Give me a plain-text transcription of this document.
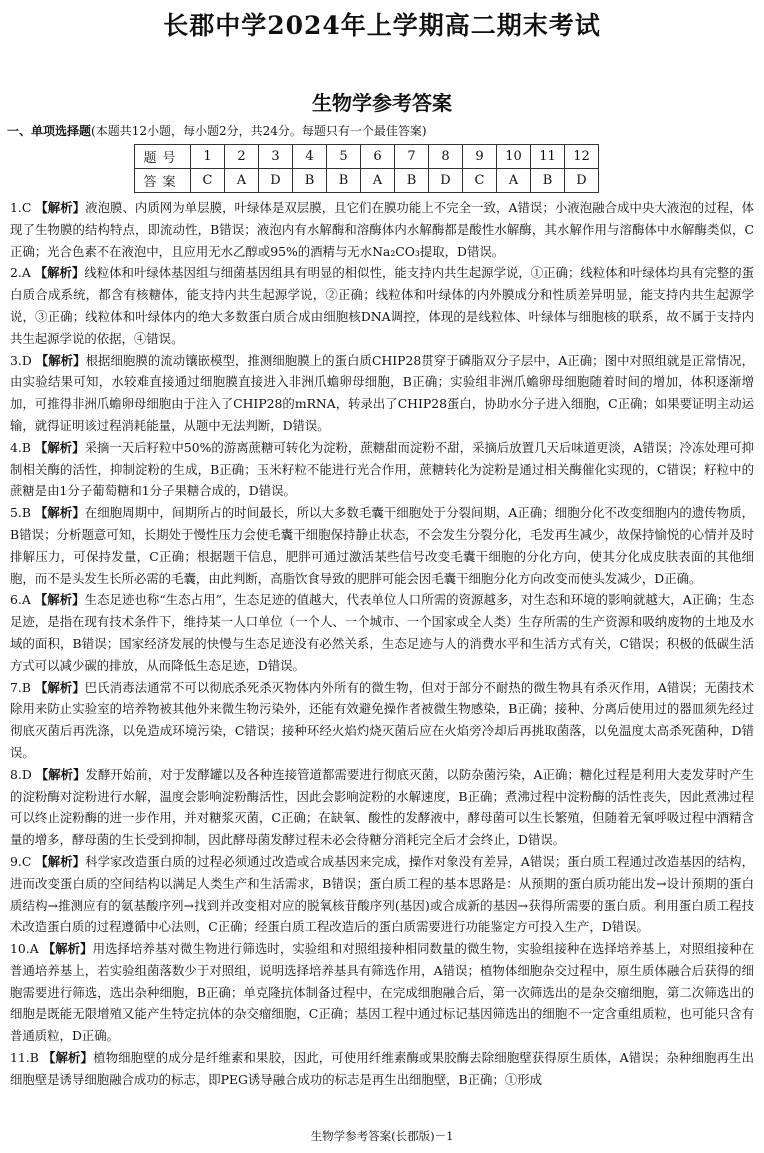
长郡中学2024年上学期高二期末考试
生物学参考答案
一、单项选择题(本题共12小题，每小题2分，共24分。每题只有一个最佳答案)
题号	1	2	3	4	5	6	7	8	9	10	11	12
答案	C	A	D	B	B	A	B	D	C	A	B	D

1.C 【解析】液泡膜、内质网为单层膜，叶绿体是双层膜，且它们在膜功能上不完全一致，A错误；小液泡融合成中央大液泡的过程，体现了生物膜的结构特点，即流动性，B错误；液泡内有水解酶和溶酶体内水解酶都是酸性水解酶，其水解作用与溶酶体中水解酶类似，C正确；光合色素不在液泡中，且应用无水乙醇或95%的酒精与无水Na₂CO₃提取，D错误。

2.A 【解析】线粒体和叶绿体基因组与细菌基因组具有明显的相似性，能支持内共生起源学说，①正确；线粒体和叶绿体均具有完整的蛋白质合成系统，都含有核糖体，能支持内共生起源学说，②正确；线粒体和叶绿体的内外膜成分和性质差异明显，能支持内共生起源学说，③正确；线粒体和叶绿体内的绝大多数蛋白质合成由细胞核DNA调控，体现的是线粒体、叶绿体与细胞核的联系，故不属于支持内共生起源学说的依据，④错误。

3.D 【解析】根据细胞膜的流动镶嵌模型，推测细胞膜上的蛋白质CHIP28贯穿于磷脂双分子层中，A正确；图中对照组就是正常情况，由实验结果可知，水较难直接通过细胞膜直接进入非洲爪蟾卵母细胞，B正确；实验组非洲爪蟾卵母细胞随着时间的增加，体积逐渐增加，可推得非洲爪蟾卵母细胞由于注入了CHIP28的mRNA，转录出了CHIP28蛋白，协助水分子进入细胞，C正确；如果要证明主动运输，就得证明该过程消耗能量，从题中无法判断，D错误。

4.B 【解析】采摘一天后籽粒中50%的游离蔗糖可转化为淀粉，蔗糖甜而淀粉不甜，采摘后放置几天后味道更淡，A错误；冷冻处理可抑制相关酶的活性，抑制淀粉的生成，B正确；玉米籽粒不能进行光合作用，蔗糖转化为淀粉是通过相关酶催化实现的，C错误；籽粒中的蔗糖是由1分子葡萄糖和1分子果糖合成的，D错误。

5.B 【解析】在细胞周期中，间期所占的时间最长，所以大多数毛囊干细胞处于分裂间期，A正确；细胞分化不改变细胞内的遗传物质，B错误；分析题意可知，长期处于慢性压力会使毛囊干细胞保持静止状态，不会发生分裂分化，毛发再生减少，故保持愉悦的心情并及时排解压力，可保持发量，C正确；根据题干信息，肥胖可通过激活某些信号改变毛囊干细胞的分化方向，使其分化成皮肤表面的其他细胞，而不是头发生长所必需的毛囊，由此判断，高脂饮食导致的肥胖可能会因毛囊干细胞分化方向改变而使头发减少，D正确。

6.A 【解析】生态足迹也称“生态占用”，生态足迹的值越大，代表单位人口所需的资源越多，对生态和环境的影响就越大，A正确；生态足迹，是指在现有技术条件下，维持某一人口单位（一个人、一个城市、一个国家或全人类）生存所需的生产资源和吸纳废物的土地及水域的面积，B错误；国家经济发展的快慢与生态足迹没有必然关系，生态足迹与人的消费水平和生活方式有关，C错误；积极的低碳生活方式可以减少碳的排放，从而降低生态足迹，D错误。

7.B 【解析】巴氏消毒法通常不可以彻底杀死杀灭物体内外所有的微生物，但对于部分不耐热的微生物具有杀灭作用，A错误；无菌技术除用来防止实验室的培养物被其他外来微生物污染外，还能有效避免操作者被微生物感染，B正确；接种、分离后使用过的器皿须先经过彻底灭菌后再洗涤，以免造成环境污染，C错误；接种环经火焰灼烧灭菌后应在火焰旁冷却后再挑取菌落，以免温度太高杀死菌种，D错误。

8.D 【解析】发酵开始前，对于发酵罐以及各种连接管道都需要进行彻底灭菌，以防杂菌污染，A正确；糖化过程是利用大麦发芽时产生的淀粉酶对淀粉进行水解，温度会影响淀粉酶活性，因此会影响淀粉的水解速度，B正确；煮沸过程中淀粉酶的活性丧失，因此煮沸过程可以终止淀粉酶的进一步作用，并对糖浆灭菌，C正确；在缺氧、酸性的发酵液中，酵母菌可以生长繁殖，但随着无氧呼吸过程中酒精含量的增多，酵母菌的生长受到抑制，因此酵母菌发酵过程未必会待糖分消耗完全后才会终止，D错误。

9.C 【解析】科学家改造蛋白质的过程必须通过改造或合成基因来完成，操作对象没有差异，A错误；蛋白质工程通过改造基因的结构，进而改变蛋白质的空间结构以满足人类生产和生活需求，B错误；蛋白质工程的基本思路是：从预期的蛋白质功能出发→设计预期的蛋白质结构→推测应有的氨基酸序列→找到并改变相对应的脱氧核苷酸序列(基因)或合成新的基因→获得所需要的蛋白质。利用蛋白质工程技术改造蛋白质的过程遵循中心法则，C正确；经蛋白质工程改造后的蛋白质需要进行功能鉴定方可投入生产，D错误。

10.A 【解析】用选择培养基对微生物进行筛选时，实验组和对照组接种相同数量的微生物，实验组接种在选择培养基上，对照组接种在普通培养基上，若实验组菌落数少于对照组，说明选择培养基具有筛选作用，A错误；植物体细胞杂交过程中，原生质体融合后获得的细胞需要进行筛选，选出杂种细胞，B正确；单克隆抗体制备过程中，在完成细胞融合后，第一次筛选出的是杂交瘤细胞，第二次筛选出的细胞是既能无限增殖又能产生特定抗体的杂交瘤细胞，C正确；基因工程中通过标记基因筛选出的细胞不一定含重组质粒，也可能只含有普通质粒，D正确。

11.B 【解析】植物细胞壁的成分是纤维素和果胶，因此，可使用纤维素酶或果胶酶去除细胞壁获得原生质体，A错误；杂种细胞再生出细胞壁是诱导细胞融合成功的标志，即PEG诱导融合成功的标志是再生出细胞壁，B正确；①形成

生物学参考答案(长郡版)－1
